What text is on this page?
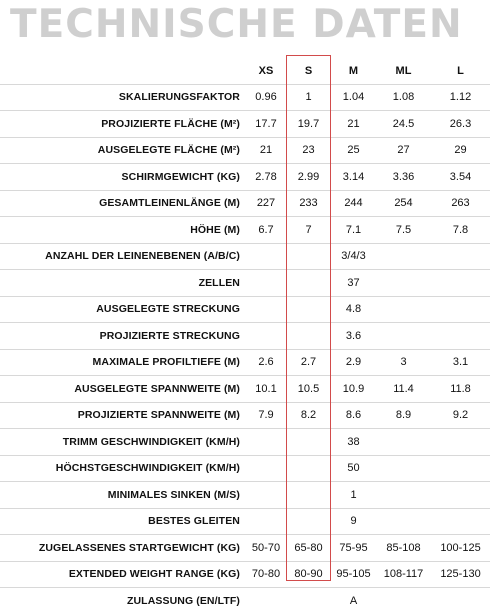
TECHNISCHE DATEN
	XS	S	M	ML	L
SKALIERUNGSFAKTOR	0.96	1	1.04	1.08	1.12
PROJIZIERTE FLÄCHE (M²)	17.7	19.7	21	24.5	26.3
AUSGELEGTE FLÄCHE (M²)	21	23	25	27	29
SCHIRMGEWICHT (KG)	2.78	2.99	3.14	3.36	3.54
GESAMTLEINENLÄNGE (M)	227	233	244	254	263
HÖHE (M)	6.7	7	7.1	7.5	7.8
ANZAHL DER LEINENEBENEN (A/B/C)			3/4/3		
ZELLEN			37		
AUSGELEGTE STRECKUNG			4.8		
PROJIZIERTE STRECKUNG			3.6		
MAXIMALE PROFILTIEFE (M)	2.6	2.7	2.9	3	3.1
AUSGELEGTE SPANNWEITE (M)	10.1	10.5	10.9	11.4	11.8
PROJIZIERTE SPANNWEITE (M)	7.9	8.2	8.6	8.9	9.2
TRIMM GESCHWINDIGKEIT (KM/H)			38		
HÖCHSTGESCHWINDIGKEIT (KM/H)			50		
MINIMALES SINKEN (M/S)			1		
BESTES GLEITEN			9		
ZUGELASSENES STARTGEWICHT (KG)	50-70	65-80	75-95	85-108	100-125
EXTENDED WEIGHT RANGE (KG)	70-80	80-90	95-105	108-117	125-130
ZULASSUNG (EN/LTF)			A		
